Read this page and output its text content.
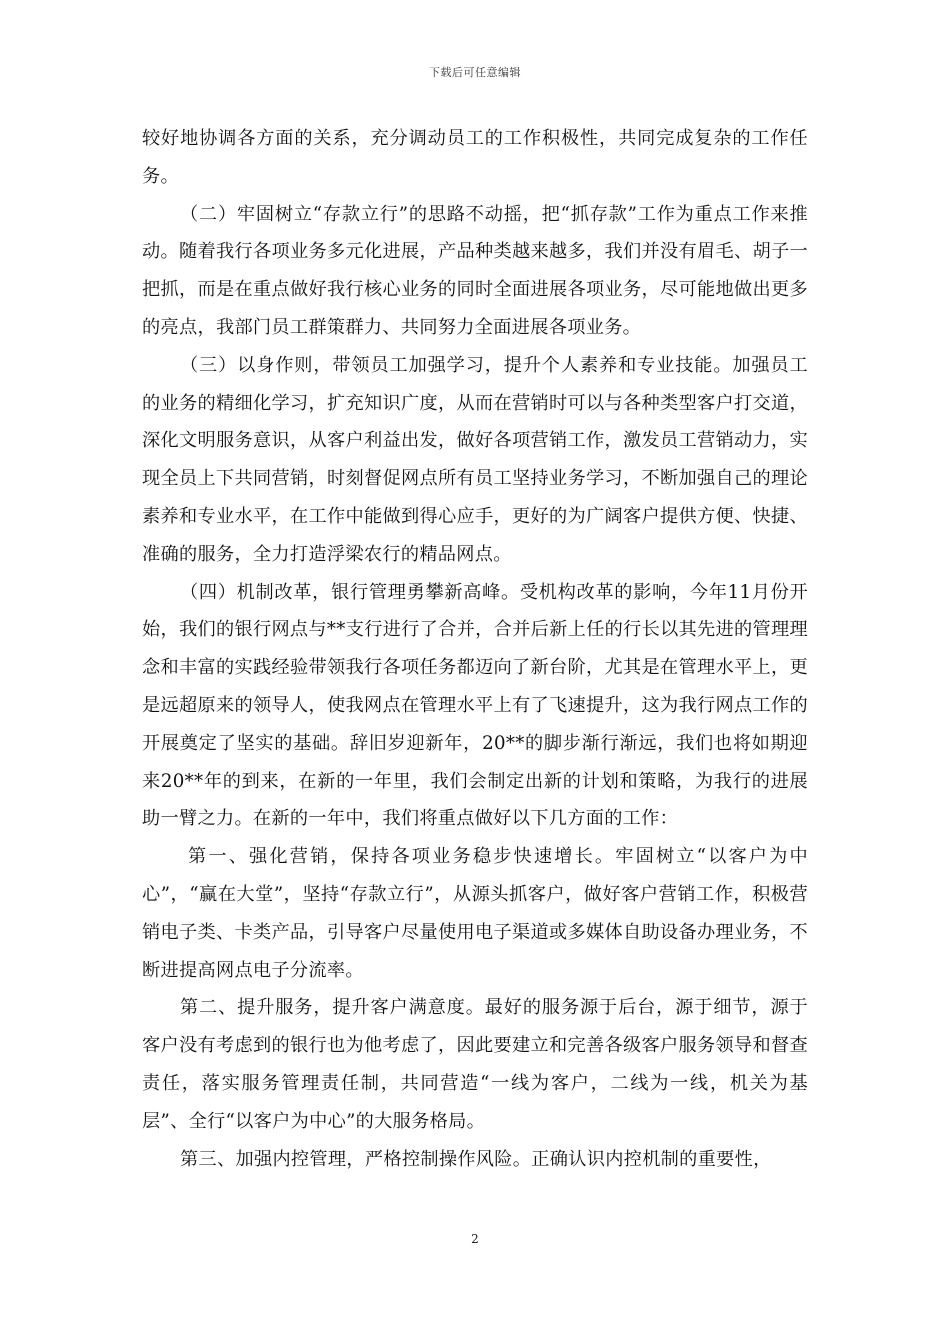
下载后可任意编辑

较好地协调各方面的关系，充分调动员工的工作积极性，共同完成复杂的工作任务。

（二）牢固树立“存款立行”的思路不动摇，把“抓存款”工作为重点工作来推动。随着我行各项业务多元化进展，产品种类越来越多，我们并没有眉毛、胡子一把抓，而是在重点做好我行核心业务的同时全面进展各项业务，尽可能地做出更多的亮点，我部门员工群策群力、共同努力全面进展各项业务。

（三）以身作则，带领员工加强学习，提升个人素养和专业技能。加强员工的业务的精细化学习，扩充知识广度，从而在营销时可以与各种类型客户打交道，深化文明服务意识，从客户利益出发，做好各项营销工作，激发员工营销动力，实现全员上下共同营销，时刻督促网点所有员工坚持业务学习，不断加强自己的理论素养和专业水平，在工作中能做到得心应手，更好的为广阔客户提供方便、快捷、准确的服务，全力打造浮梁农行的精品网点。

（四）机制改革，银行管理勇攀新高峰。受机构改革的影响，今年11月份开始，我们的银行网点与**支行进行了合并，合并后新上任的行长以其先进的管理理念和丰富的实践经验带领我行各项任务都迈向了新台阶，尤其是在管理水平上，更是远超原来的领导人，使我网点在管理水平上有了飞速提升，这为我行网点工作的开展奠定了坚实的基础。辞旧岁迎新年，20**的脚步渐行渐远，我们也将如期迎来20**年的到来，在新的一年里，我们会制定出新的计划和策略，为我行的进展助一臂之力。在新的一年中，我们将重点做好以下几方面的工作：

第一、强化营销，保持各项业务稳步快速增长。牢固树立“以客户为中心”，“赢在大堂”，坚持“存款立行”，从源头抓客户，做好客户营销工作，积极营销电子类、卡类产品，引导客户尽量使用电子渠道或多媒体自助设备办理业务，不断进提高网点电子分流率。

第二、提升服务，提升客户满意度。最好的服务源于后台，源于细节，源于客户没有考虑到的银行也为他考虑了，因此要建立和完善各级客户服务领导和督查责任，落实服务管理责任制，共同营造“一线为客户，二线为一线，机关为基层”、全行“以客户为中心”的大服务格局。

第三、加强内控管理，严格控制操作风险。正确认识内控机制的重要性，

2
